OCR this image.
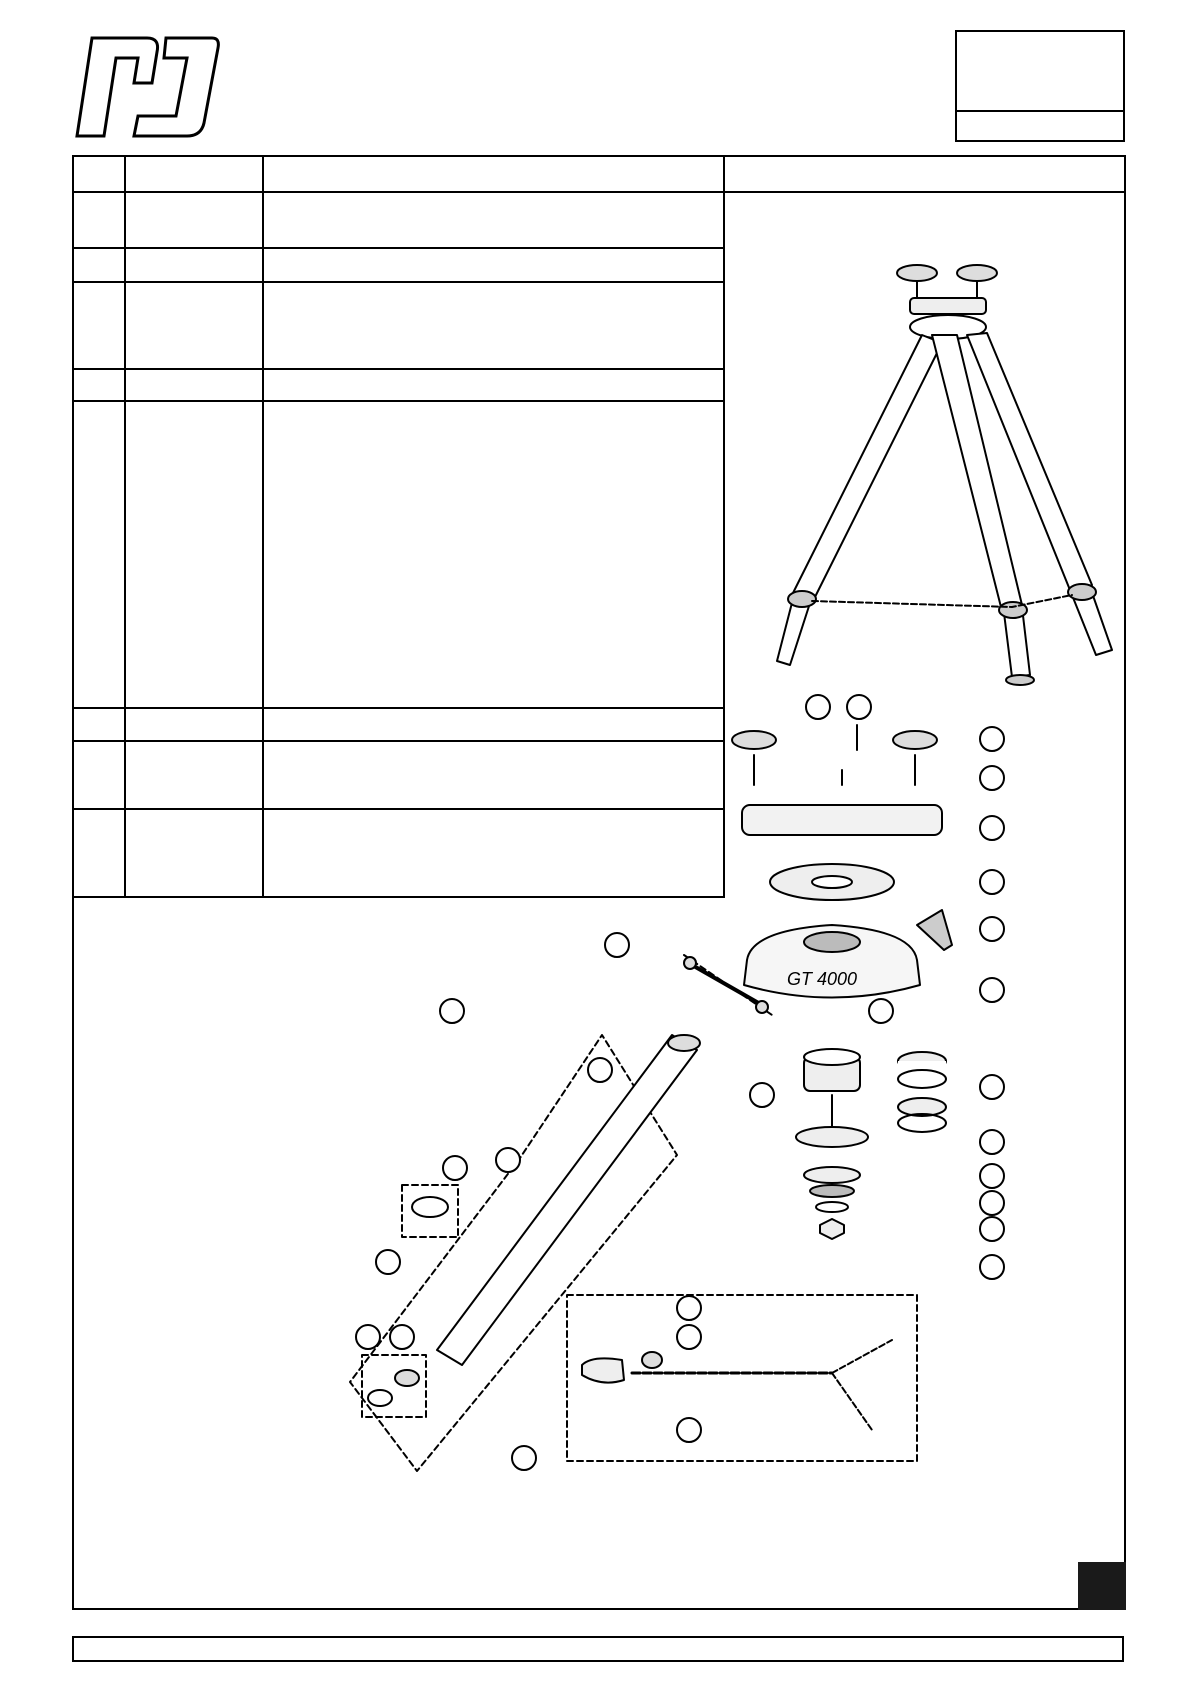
GT 4000
